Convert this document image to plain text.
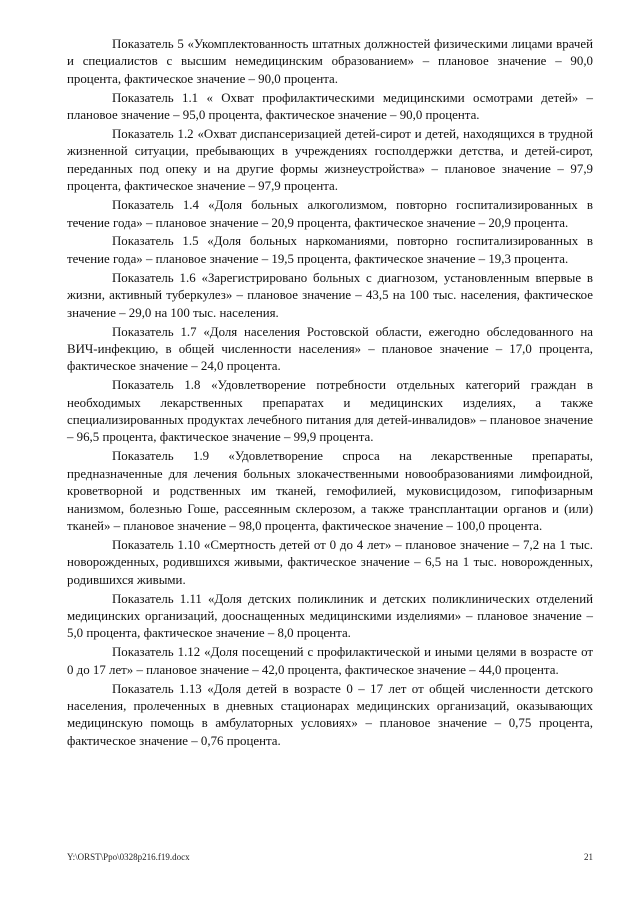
Показатель 5 «Укомплектованность штатных должностей физическими лицами врачей и специалистов с высшим немедицинским образованием» – плановое значение – 90,0 процента, фактическое значение – 90,0 процента.

Показатель 1.1 « Охват профилактическими медицинскими осмотрами детей» – плановое значение – 95,0 процента, фактическое значение – 90,0 процента.

Показатель 1.2 «Охват диспансеризацией детей-сирот и детей, находящихся в трудной жизненной ситуации, пребывающих в учреждениях госполдержки детства, и детей-сирот, переданных под опеку и на другие формы жизнеустройства» – плановое значение – 97,9 процента, фактическое значение – 97,9 процента.

Показатель 1.4 «Доля больных алкоголизмом, повторно госпитализированных в течение года» – плановое значение – 20,9 процента, фактическое значение – 20,9 процента.

Показатель 1.5 «Доля больных наркоманиями, повторно госпитализированных в течение года» – плановое значение – 19,5 процента, фактическое значение – 19,3 процента.

Показатель 1.6 «Зарегистрировано больных с диагнозом, установленным впервые в жизни, активный туберкулез» – плановое значение – 43,5 на 100 тыс. населения, фактическое значение – 29,0 на 100 тыс. населения.

Показатель 1.7 «Доля населения Ростовской области, ежегодно обследованного на ВИЧ-инфекцию, в общей численности населения» – плановое значение – 17,0 процента, фактическое значение – 24,0 процента.

Показатель 1.8 «Удовлетворение потребности отдельных категорий граждан в необходимых лекарственных препаратах и медицинских изделиях, а также специализированных продуктах лечебного питания для детей-инвалидов» – плановое значение – 96,5 процента, фактическое значение – 99,9 процента.

Показатель 1.9 «Удовлетворение спроса на лекарственные препараты, предназначенные для лечения больных злокачественными новообразованиями лимфоидной, кроветворной и родственных им тканей, гемофилией, муковисцидозом, гипофизарным нанизмом, болезнью Гоше, рассеянным склерозом, а также трансплантации органов и (или) тканей» – плановое значение – 98,0 процента, фактическое значение – 100,0 процента.

Показатель 1.10 «Смертность детей от 0 до 4 лет» – плановое значение – 7,2 на 1 тыс. новорожденных, родившихся живыми, фактическое значение – 6,5 на 1 тыс. новорожденных, родившихся живыми.

Показатель 1.11 «Доля детских поликлиник и детских поликлинических отделений медицинских организаций, дооснащенных медицинскими изделиями» – плановое значение – 5,0 процента, фактическое значение – 8,0 процента.

Показатель 1.12 «Доля посещений с профилактической и иными целями в возрасте от 0 до 17 лет» – плановое значение – 42,0 процента, фактическое значение – 44,0 процента.

Показатель 1.13 «Доля детей в возрасте 0 – 17 лет от общей численности детского населения, пролеченных в дневных стационарах медицинских организаций, оказывающих медицинскую помощь в амбулаторных условиях» – плановое значение – 0,75 процента, фактическое значение – 0,76 процента.

Y:\ORST\Ppo\0328p216.f19.docx	21
